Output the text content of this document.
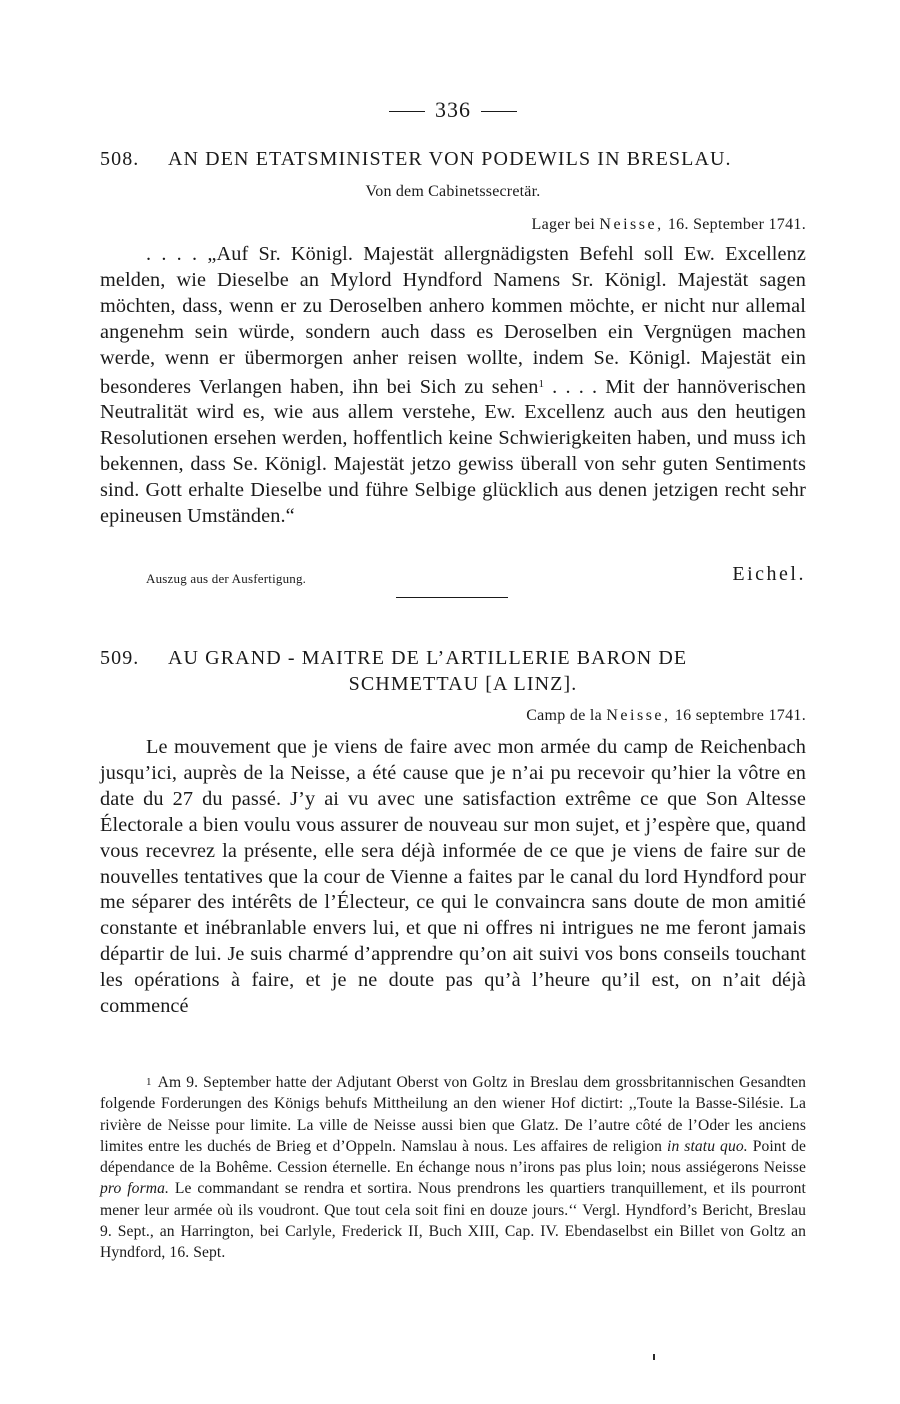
336
508. AN DEN ETATSMINISTER VON PODEWILS IN BRESLAU.
Von dem Cabinetssecretär.
Lager bei Neisse, 16. September 1741.
. . . . „Auf Sr. Königl. Majestät allergnädigsten Befehl soll Ew. Excellenz melden, wie Dieselbe an Mylord Hyndford Namens Sr. Königl. Majestät sagen möchten, dass, wenn er zu Deroselben anhero kommen möchte, er nicht nur allemal angenehm sein würde, sondern auch dass es Deroselben ein Vergnügen machen werde, wenn er übermorgen anher reisen wollte, indem Se. Königl. Majestät ein besonderes Verlangen haben, ihn bei Sich zu sehen$^1$ . . . . Mit der hannöverischen Neutralität wird es, wie aus allem verstehe, Ew. Excellenz auch aus den heutigen Resolutionen ersehen werden, hoffentlich keine Schwierigkeiten haben, und muss ich bekennen, dass Se. Königl. Majestät jetzo gewiss überall von sehr guten Sentiments sind. Gott erhalte Dieselbe und führe Selbige glücklich aus denen jetzigen recht sehr epineusen Umständen.“
Auszug aus der Ausfertigung.	Eichel.
509. AU GRAND - MAITRE DE L’ARTILLERIE BARON DE
SCHMETTAU [A LINZ].
Camp de la Neisse, 16 septembre 1741.
Le mouvement que je viens de faire avec mon armée du camp de Reichenbach jusqu’ici, auprès de la Neisse, a été cause que je n’ai pu recevoir qu’hier la vôtre en date du 27 du passé. J’y ai vu avec une satisfaction extrême ce que Son Altesse Électorale a bien voulu vous assurer de nouveau sur mon sujet, et j’espère que, quand vous recevrez la présente, elle sera déjà informée de ce que je viens de faire sur de nouvelles tentatives que la cour de Vienne a faites par le canal du lord Hyndford pour me séparer des intérêts de l’Électeur, ce qui le convaincra sans doute de mon amitié constante et inébranlable envers lui, et que ni offres ni intrigues ne me feront jamais départir de lui. Je suis charmé d’apprendre qu’on ait suivi vos bons conseils touchant les opérations à faire, et je ne doute pas qu’à l’heure qu’il est, on n’ait déjà commencé
1 Am 9. September hatte der Adjutant Oberst von Goltz in Breslau dem grossbritannischen Gesandten folgende Forderungen des Königs behufs Mittheilung an den wiener Hof dictirt: ,,Toute la Basse-Silésie. La rivière de Neisse pour limite. La ville de Neisse aussi bien que Glatz. De l’autre côté de l’Oder les anciens limites entre les duchés de Brieg et d’Oppeln. Namslau à nous. Les affaires de religion in statu quo. Point de dépendance de la Bohême. Cession éternelle. En échange nous n’irons pas plus loin; nous assiégerons Neisse pro forma. Le commandant se rendra et sortira. Nous prendrons les quartiers tranquillement, et ils pourront mener leur armée où ils voudront. Que tout cela soit fini en douze jours.‘‘ Vergl. Hyndford’s Bericht, Breslau 9. Sept., an Harrington, bei Carlyle, Frederick II, Buch XIII, Cap. IV. Ebendaselbst ein Billet von Goltz an Hyndford, 16. Sept.
